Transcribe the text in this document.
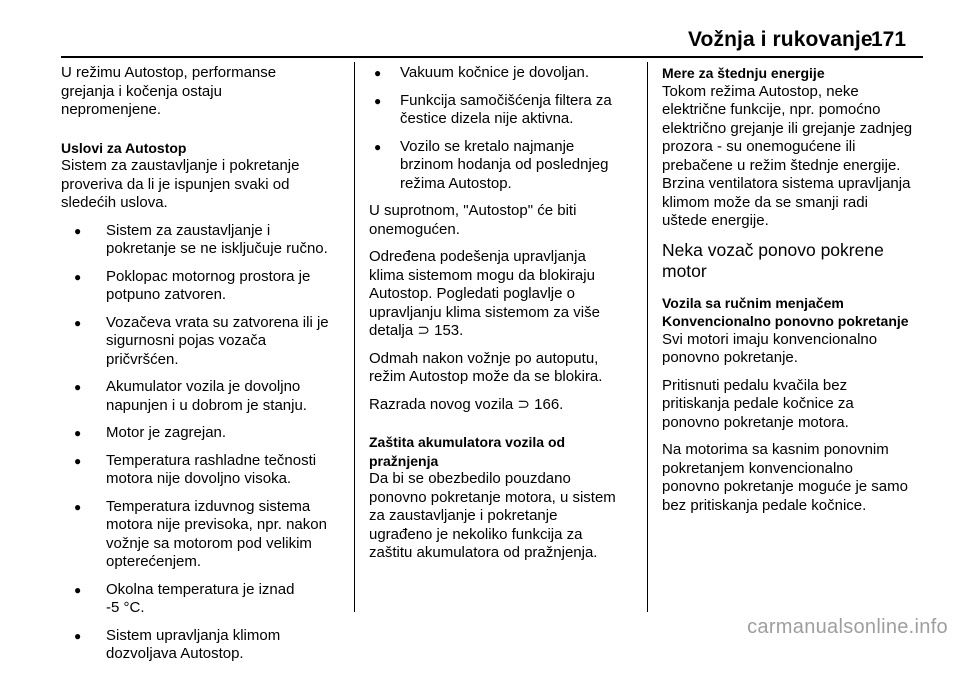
Vožnja i rukovanje
171

U režimu Autostop, performanse
grejanja i kočenja ostaju
nepromenjene.

Uslovi za Autostop

Sistem za zaustavljanje i pokretanje
proveriva da li je ispunjen svaki od
sledećih uslova.

● Sistem za zaustavljanje i
pokretanje se ne isključuje ručno.
● Poklopac motornog prostora je
potpuno zatvoren.
● Vozačeva vrata su zatvorena ili je
sigurnosni pojas vozača
pričvršćen.
● Akumulator vozila je dovoljno
napunjen i u dobrom je stanju.
● Motor je zagrejan.
● Temperatura rashladne tečnosti
motora nije dovoljno visoka.
● Temperatura izduvnog sistema
motora nije previsoka, npr. nakon
vožnje sa motorom pod velikim
opterećenjem.
● Okolna temperatura je iznad
-5 °C.
● Sistem upravljanja klimom
dozvoljava Autostop.
● Vakuum kočnice je dovoljan.
● Funkcija samočišćenja filtera za
čestice dizela nije aktivna.
● Vozilo se kretalo najmanje
brzinom hodanja od poslednjeg
režima Autostop.

U suprotnom, "Autostop" će biti
onemogućen.

Određena podešenja upravljanja
klima sistemom mogu da blokiraju
Autostop. Pogledati poglavlje o
upravljanju klima sistemom za više
detalja ⊃ 153.

Odmah nakon vožnje po autoputu,
režim Autostop može da se blokira.

Razrada novog vozila ⊃ 166.

Zaštita akumulatora vozila od
pražnjenja

Da bi se obezbedilo pouzdano
ponovno pokretanje motora, u sistem
za zaustavljanje i pokretanje
ugrađeno je nekoliko funkcija za
zaštitu akumulatora od pražnjenja.

Mere za štednju energije

Tokom režima Autostop, neke
električne funkcije, npr. pomoćno
električno grejanje ili grejanje zadnjeg
prozora - su onemogućene ili
prebačene u režim štednje energije.
Brzina ventilatora sistema upravljanja
klimom može da se smanji radi
uštede energije.

Neka vozač ponovo pokrene
motor
Vozila sa ručnim menjačem
Konvencionalno ponovno pokretanje

Svi motori imaju konvencionalno
ponovno pokretanje.

Pritisnuti pedalu kvačila bez
pritiskanja pedale kočnice za
ponovno pokretanje motora.

Na motorima sa kasnim ponovnim
pokretanjem konvencionalno
ponovno pokretanje moguće je samo
bez pritiskanja pedale kočnice.

carmanualsonline.info
